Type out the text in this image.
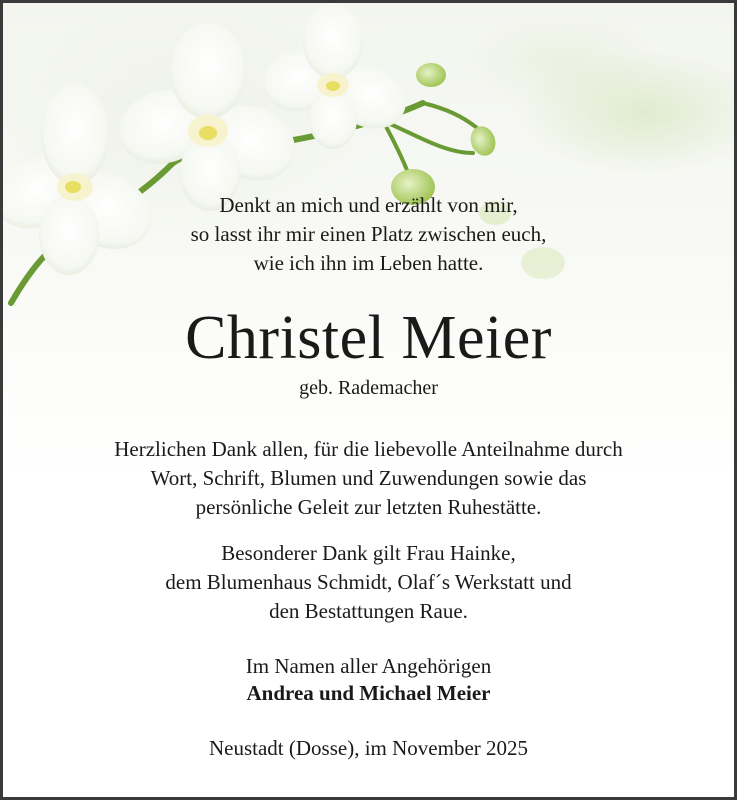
Denkt an mich und erzählt von mir,
so lasst ihr mir einen Platz zwischen euch,
wie ich ihn im Leben hatte.
Christel Meier
geb. Rademacher
Herzlichen Dank allen, für die liebevolle Anteilnahme durch
Wort, Schrift, Blumen und Zuwendungen sowie das
persönliche Geleit zur letzten Ruhestätte.
Besonderer Dank gilt Frau Hainke,
dem Blumenhaus Schmidt, Olaf´s Werkstatt und
den Bestattungen Raue.
Im Namen aller Angehörigen
Andrea und Michael Meier
Neustadt (Dosse), im November 2025
